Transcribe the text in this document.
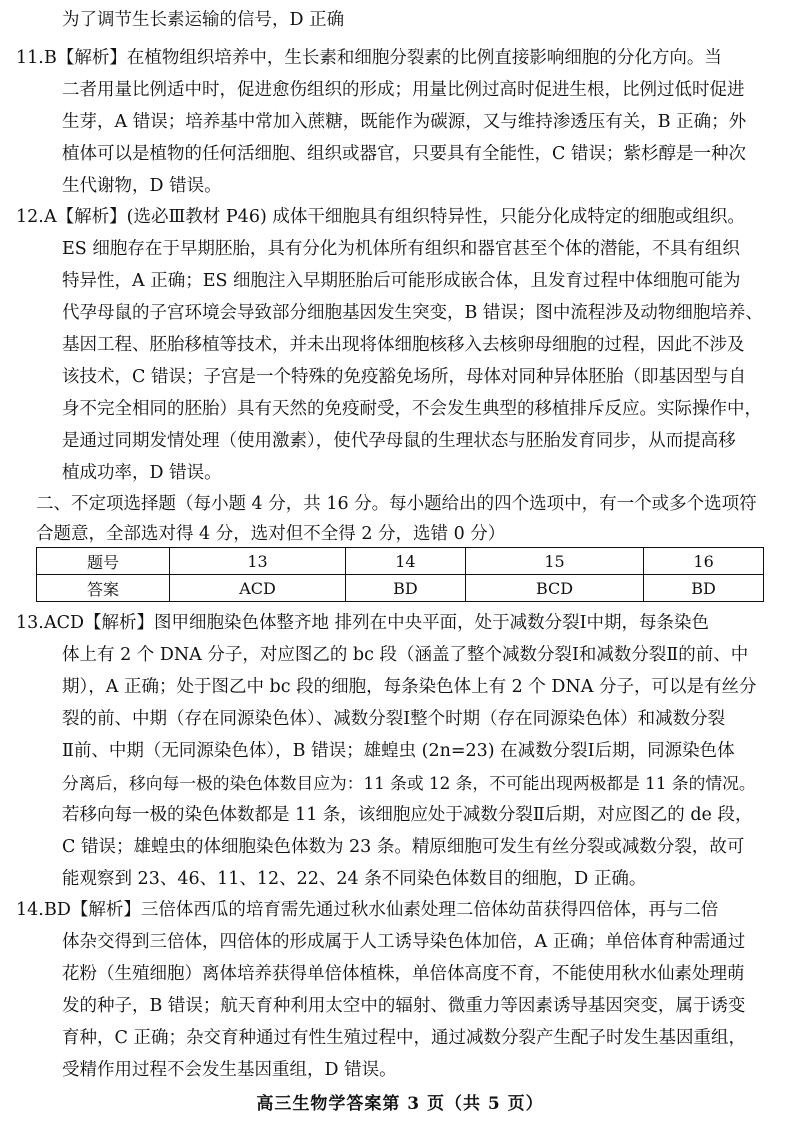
为了调节生长素运输的信号，D 正确
11. B【解析】在植物组织培养中，生长素和细胞分裂素的比例直接影响细胞的分化方向。当
二者用量比例适中时，促进愈伤组织的形成；用量比例过高时促进生根，比例过低时促进
生芽，A 错误；培养基中常加入蔗糖，既能作为碳源，又与维持渗透压有关，B 正确；外
植体可以是植物的任何活细胞、组织或器官，只要具有全能性，C 错误；紫杉醇是一种次
生代谢物，D 错误。
12. A【解析】(选必Ⅲ教材 P46) 成体干细胞具有组织特异性，只能分化成特定的细胞或组织。
ES 细胞存在于早期胚胎，具有分化为机体所有组织和器官甚至个体的潜能，不具有组织
特异性，A 正确；ES 细胞注入早期胚胎后可能形成嵌合体，且发育过程中体细胞可能为
代孕母鼠的子宫环境会导致部分细胞基因发生突变，B 错误；图中流程涉及动物细胞培养、
基因工程、胚胎移植等技术，并未出现将体细胞核移入去核卵母细胞的过程，因此不涉及
该技术，C 错误；子宫是一个特殊的免疫豁免场所，母体对同种异体胚胎（即基因型与自
身不完全相同的胚胎）具有天然的免疫耐受，不会发生典型的移植排斥反应。实际操作中，
是通过同期发情处理（使用激素），使代孕母鼠的生理状态与胚胎发育同步，从而提高移
植成功率，D 错误。
二、不定项选择题（每小题 4 分，共 16 分。每小题给出的四个选项中，有一个或多个选项符
合题意，全部选对得 4 分，选对但不全得 2 分，选错 0 分）
题号	13	14	15	16
答案	ACD	BD	BCD	BD
13. ACD【解析】图甲细胞染色体整齐地 排列在中央平面，处于减数分裂Ⅰ中期，每条染色
体上有 2 个 DNA 分子，对应图乙的 bc 段（涵盖了整个减数分裂Ⅰ和减数分裂Ⅱ的前、中
期），A 正确；处于图乙中 bc 段的细胞，每条染色体上有 2 个 DNA 分子，可以是有丝分
裂的前、中期（存在同源染色体）、减数分裂Ⅰ整个时期（存在同源染色体）和减数分裂
Ⅱ前、中期（无同源染色体），B 错误；雄蝗虫 (2n=23) 在减数分裂Ⅰ后期，同源染色体
分离后，移向每一极的染色体数目应为：11 条或 12 条，不可能出现两极都是 11 条的情况。
若移向每一极的染色体数都是 11 条，该细胞应处于减数分裂Ⅱ后期，对应图乙的 de 段，
C 错误；雄蝗虫的体细胞染色体数为 23 条。精原细胞可发生有丝分裂或减数分裂，故可
能观察到 23、46、11、12、22、24 条不同染色体数目的细胞，D 正确。
14. BD【解析】三倍体西瓜的培育需先通过秋水仙素处理二倍体幼苗获得四倍体，再与二倍
体杂交得到三倍体，四倍体的形成属于人工诱导染色体加倍，A 正确；单倍体育种需通过
花粉（生殖细胞）离体培养获得单倍体植株，单倍体高度不育，不能使用秋水仙素处理萌
发的种子，B 错误；航天育种利用太空中的辐射、微重力等因素诱导基因突变，属于诱变
育种，C 正确；杂交育种通过有性生殖过程中，通过减数分裂产生配子时发生基因重组，
受精作用过程不会发生基因重组，D 错误。
高三生物学答案第 3 页（共 5 页）
